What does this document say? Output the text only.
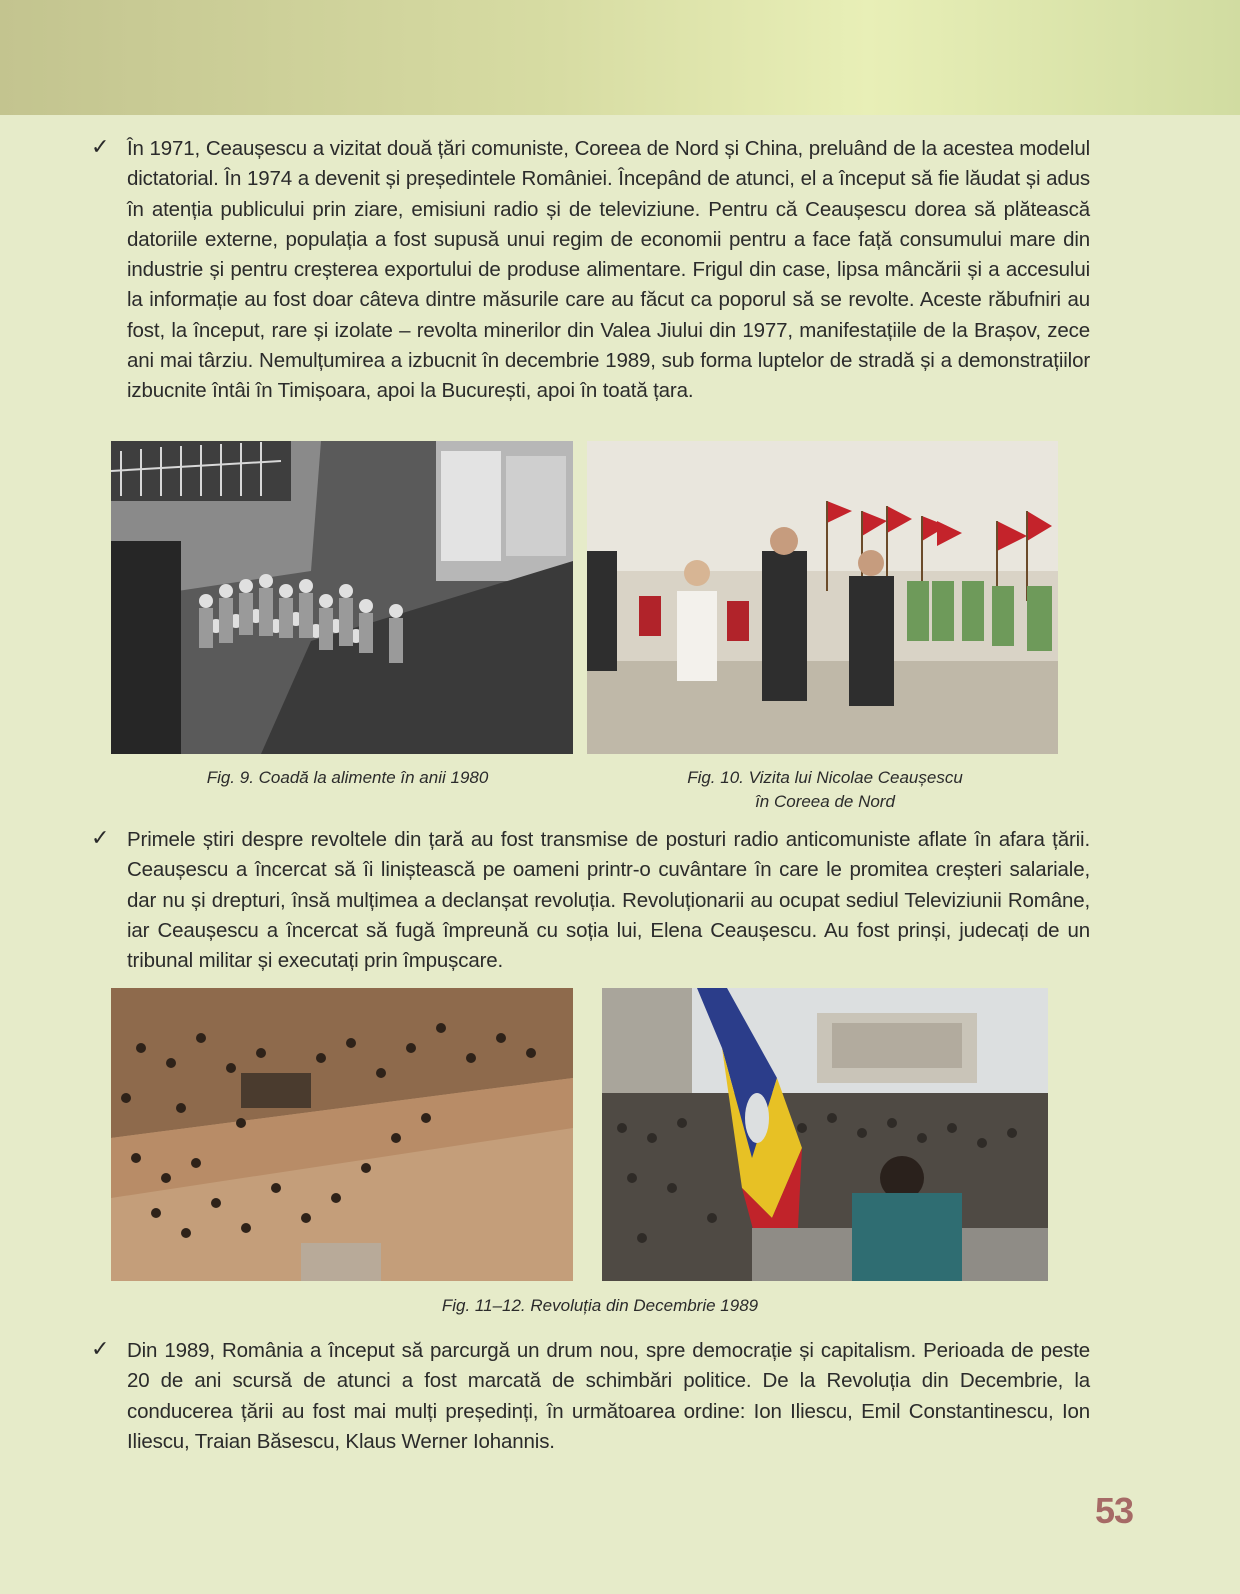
✓ În 1971, Ceaușescu a vizitat două țări comuniste, Coreea de Nord și China, preluând de la acestea modelul dictatorial. În 1974 a devenit și președintele României. Începând de atunci, el a început să fie lăudat și adus în atenția publicului prin ziare, emisiuni radio și de televiziune. Pentru că Ceaușescu dorea să plătească datoriile externe, populația a fost supusă unui regim de economii pentru a face față consumului mare din industrie și pentru creșterea exportului de produse alimentare. Frigul din case, lipsa mâncării și a accesului la informație au fost doar câteva dintre măsurile care au făcut ca poporul să se revolte. Aceste răbufniri au fost, la început, rare și izolate – revolta minerilor din Valea Jiului din 1977, manifestațiile de la Brașov, zece ani mai târziu. Nemulțumirea a izbucnit în decembrie 1989, sub forma luptelor de stradă și a demonstrațiilor izbucnite întâi în Timișoara, apoi la București, apoi în toată țara.
Fig. 9. Coadă la alimente în anii 1980	Fig. 10. Vizita lui Nicolae Ceaușescu
în Coreea de Nord
✓ Primele știri despre revoltele din țară au fost transmise de posturi radio anticomuniste aflate în afara țării. Ceaușescu a încercat să îi liniștească pe oameni printr-o cuvântare în care le promitea creșteri salariale, dar nu și drepturi, însă mulțimea a declanșat revoluția. Revoluționarii au ocupat sediul Televiziunii Române, iar Ceaușescu a încercat să fugă împreună cu soția lui, Elena Ceaușescu. Au fost prinși, judecați de un tribunal militar și executați prin împușcare.
Fig. 11–12. Revoluția din Decembrie 1989
✓ Din 1989, România a început să parcurgă un drum nou, spre democrație și capitalism. Perioada de peste 20 de ani scursă de atunci a fost marcată de schimbări politice. De la Revoluția din Decembrie, la conducerea țării au fost mai mulți președinți, în următoarea ordine: Ion Iliescu, Emil Constantinescu, Ion Iliescu, Traian Băsescu, Klaus Werner Iohannis.
53
